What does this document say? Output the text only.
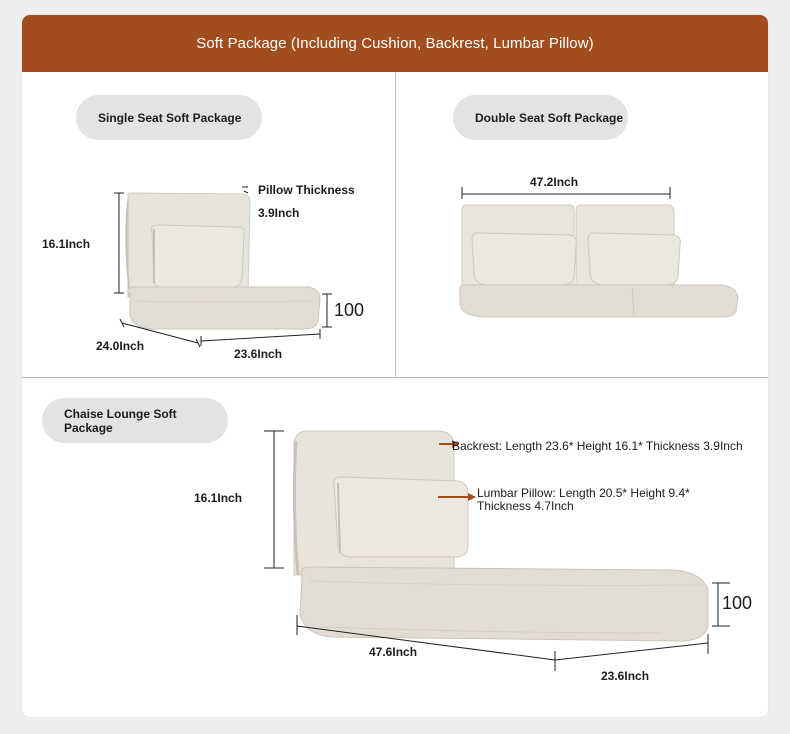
Soft Package (Including Cushion, Backrest, Lumbar Pillow)
Single Seat Soft Package
Pillow Thickness
3.9Inch
16.1Inch
100
24.0Inch
23.6Inch
Double Seat Soft Package
47.2Inch
Chaise Lounge Soft Package
16.1Inch
Backrest: Length 23.6* Height 16.1* Thickness 3.9Inch
Lumbar Pillow: Length 20.5* Height 9.4*
Thickness 4.7Inch
100
47.6Inch
23.6Inch
